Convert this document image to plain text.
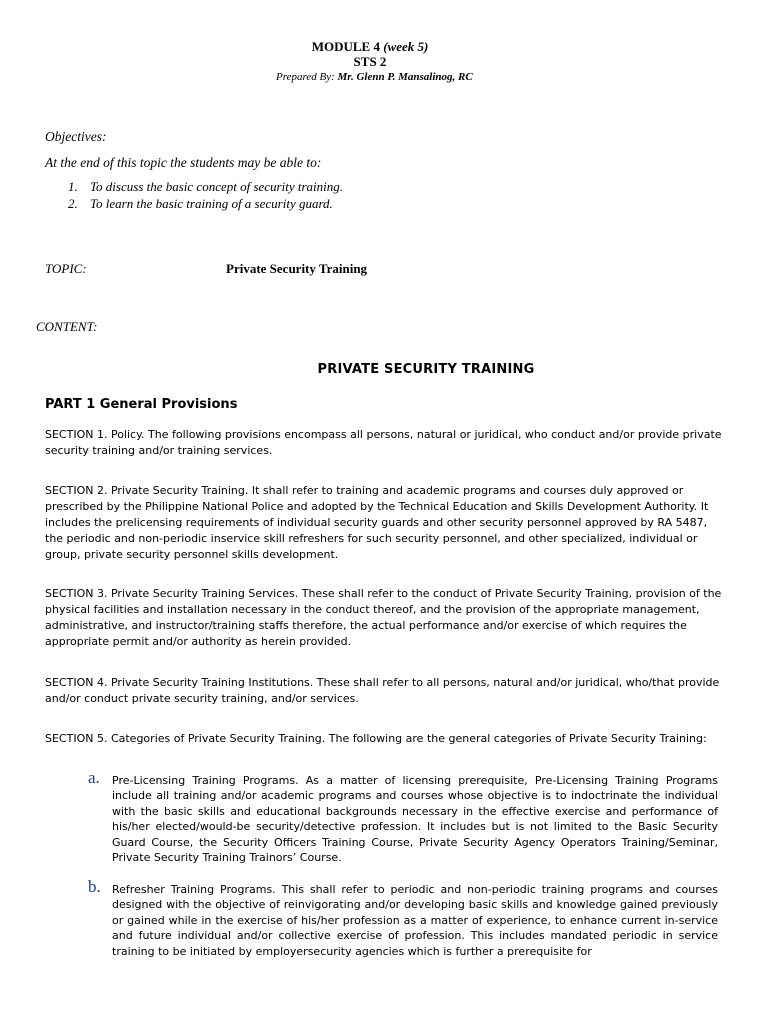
MODULE 4 (week 5)
STS 2
Prepared By: Mr. Glenn P. Mansalinog, RC
Objectives:
At the end of this topic the students may be able to:
1. To discuss the basic concept of security training.
2. To learn the basic training of a security guard.
TOPIC:	Private Security Training
CONTENT:
PRIVATE SECURITY TRAINING
PART 1 General Provisions

SECTION 1. Policy. The following provisions encompass all persons, natural or juridical, who conduct and/or provide private security training and/or training services.

SECTION 2. Private Security Training. It shall refer to training and academic programs and courses duly approved or prescribed by the Philippine National Police and adopted by the Technical Education and Skills Development Authority. It includes the prelicensing requirements of individual security guards and other security personnel approved by RA 5487, the periodic and non-periodic inservice skill refreshers for such security personnel, and other specialized, individual or group, private security personnel skills development.

SECTION 3. Private Security Training Services. These shall refer to the conduct of Private Security Training, provision of the physical facilities and installation necessary in the conduct thereof, and the provision of the appropriate management, administrative, and instructor/training staffs therefore, the actual performance and/or exercise of which requires the appropriate permit and/or authority as herein provided.

SECTION 4. Private Security Training Institutions. These shall refer to all persons, natural and/or juridical, who/that provide and/or conduct private security training, and/or services.

SECTION 5. Categories of Private Security Training. The following are the general categories of Private Security Training:

a. Pre-Licensing Training Programs. As a matter of licensing prerequisite, Pre-Licensing Training Programs include all training and/or academic programs and courses whose objective is to indoctrinate the individual with the basic skills and educational backgrounds necessary in the effective exercise and performance of his/her elected/would-be security/detective profession. It includes but is not limited to the Basic Security Guard Course, the Security Officers Training Course, Private Security Agency Operators Training/Seminar, Private Security Training Trainors’ Course.

b. Refresher Training Programs. This shall refer to periodic and non-periodic training programs and courses designed with the objective of reinvigorating and/or developing basic skills and knowledge gained previously or gained while in the exercise of his/her profession as a matter of experience, to enhance current in-service and future individual and/or collective exercise of profession. This includes mandated periodic in service training to be initiated by employersecurity agencies which is further a prerequisite for
